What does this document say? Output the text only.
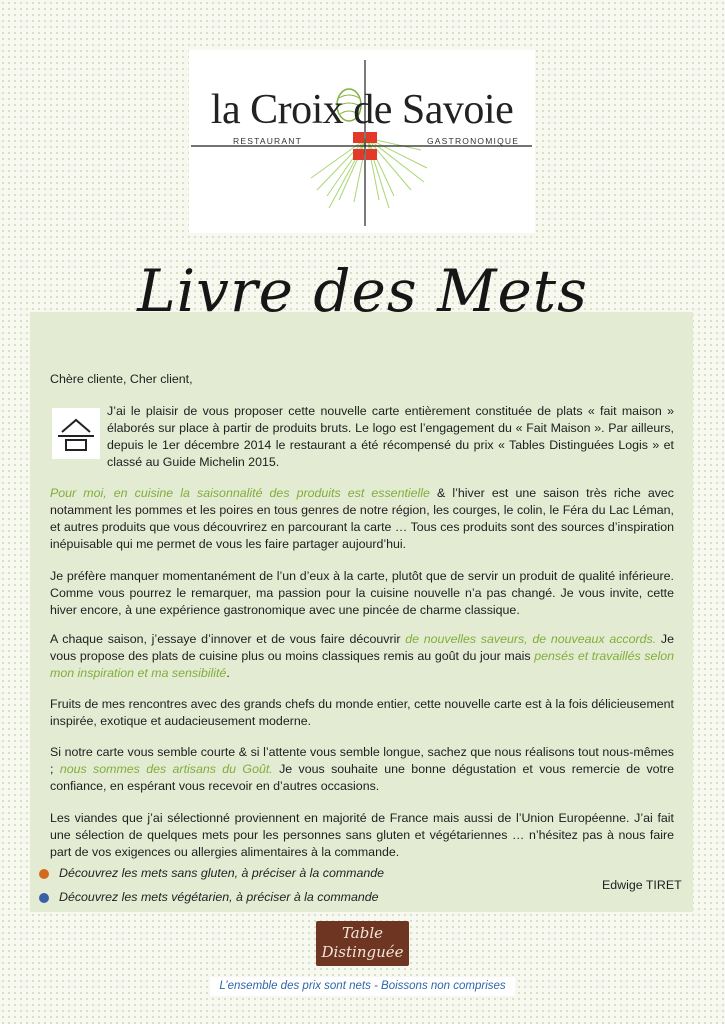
la Croix de Savoie
RESTAURANT	GASTRONOMIQUE
Livre des Mets

Chère cliente, Cher client,

J’ai le plaisir de vous proposer cette nouvelle carte entièrement constituée de plats « fait maison » élaborés sur place à partir de produits bruts. Le logo est l’engagement du « Fait Maison ». Par ailleurs, depuis le 1er décembre 2014 le restaurant a été récompensé du prix « Tables Distinguées Logis » et classé au Guide Michelin 2015.

Pour moi, en cuisine la saisonnalité des produits est essentielle & l’hiver est une saison très riche avec notamment les pommes et les poires en tous genres de notre région, les courges, le colin, le Féra du Lac Léman, et autres produits que vous découvrirez en parcourant la carte … Tous ces produits sont des sources d’inspiration inépuisable qui me permet de vous les faire partager aujourd’hui.

Je préfère manquer momentanément de l’un d’eux à la carte, plutôt que de servir un produit de qualité inférieure. Comme vous pourrez le remarquer, ma passion pour la cuisine nouvelle n’a pas changé. Je vous invite, cette hiver encore, à une expérience gastronomique avec une pincée de charme classique.

A chaque saison, j’essaye d’innover et de vous faire découvrir de nouvelles saveurs, de nouveaux accords. Je vous propose des plats de cuisine plus ou moins classiques remis au goût du jour mais pensés et travaillés selon mon inspiration et ma sensibilité.

Fruits de mes rencontres avec des grands chefs du monde entier, cette nouvelle carte est à la fois délicieusement inspirée, exotique et audacieusement moderne.

Si notre carte vous semble courte & si l’attente vous semble longue, sachez que nous réalisons tout nous-mêmes ; nous sommes des artisans du Goût. Je vous souhaite une bonne dégustation et vous remercie de votre confiance, en espérant vous recevoir en d’autres occasions.

Les viandes que j’ai sélectionné proviennent en majorité de France mais aussi de l’Union Européenne. J’ai fait une sélection de quelques mets pour les personnes sans gluten et végétariennes … n’hésitez pas à nous faire part de vos exigences ou allergies alimentaires à la commande.

Découvrez les mets sans gluten, à préciser à la commande
Découvrez les mets végétarien, à préciser à la commande
Edwige TIRET
Table
Distinguée
L’ensemble des prix sont nets - Boissons non comprises
